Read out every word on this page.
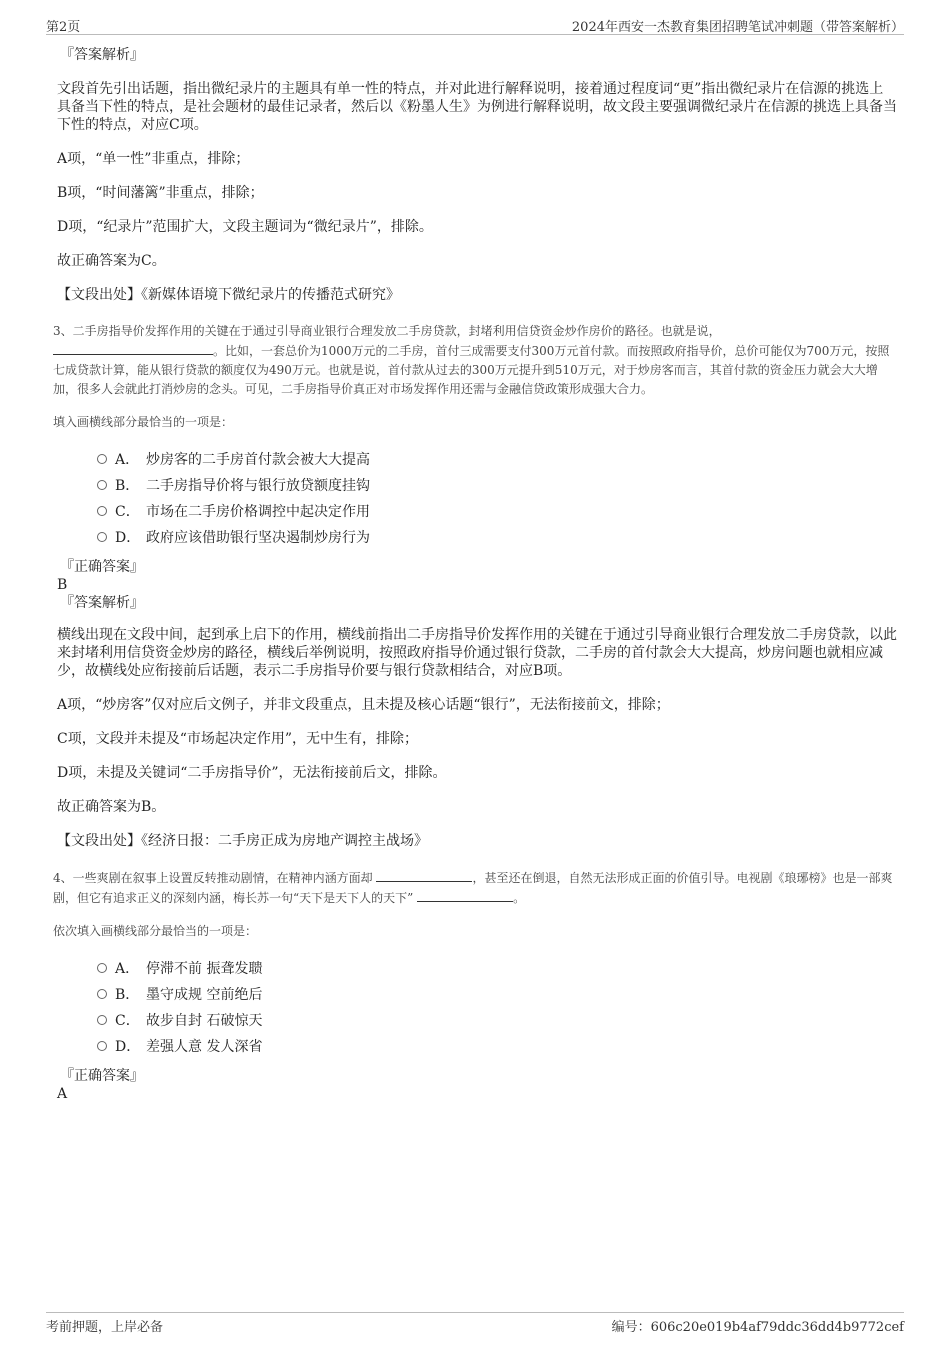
第2页	2024年西安一杰教育集团招聘笔试冲刺题（带答案解析）
『答案解析』

文段首先引出话题，指出微纪录片的主题具有单一性的特点，并对此进行解释说明，接着通过程度词“更”指出微纪录片在信源的挑选上具备当下性的特点，是社会题材的最佳记录者，然后以《粉墨人生》为例进行解释说明，故文段主要强调微纪录片在信源的挑选上具备当下性的特点，对应C项。

A项，“单一性”非重点，排除；

B项，“时间藩篱”非重点，排除；

D项，“纪录片”范围扩大，文段主题词为“微纪录片”，排除。

故正确答案为C。

【文段出处】《新媒体语境下微纪录片的传播范式研究》

3、二手房指导价发挥作用的关键在于通过引导商业银行合理发放二手房贷款，封堵利用信贷资金炒作房价的路径。也就是说，
。比如，一套总价为1000万元的二手房，首付三成需要支付300万元首付款。而按照政府指导价，总价可能仅为700万元，按照七成贷款计算，能从银行贷款的额度仅为490万元。也就是说，首付款从过去的300万元提升到510万元，对于炒房客而言，其首付款的资金压力就会大大增加，很多人会就此打消炒房的念头。可见，二手房指导价真正对市场发挥作用还需与金融信贷政策形成强大合力。
填入画横线部分最恰当的一项是：
A． 炒房客的二手房首付款会被大大提高
B． 二手房指导价将与银行放贷额度挂钩
C． 市场在二手房价格调控中起决定作用
D． 政府应该借助银行坚决遏制炒房行为
『正确答案』
B
『答案解析』

横线出现在文段中间，起到承上启下的作用，横线前指出二手房指导价发挥作用的关键在于通过引导商业银行合理发放二手房贷款，以此来封堵利用信贷资金炒房的路径，横线后举例说明，按照政府指导价通过银行贷款，二手房的首付款会大大提高，炒房问题也就相应减少，故横线处应衔接前后话题，表示二手房指导价要与银行贷款相结合，对应B项。

A项，“炒房客”仅对应后文例子，并非文段重点，且未提及核心话题“银行”，无法衔接前文，排除；

C项，文段并未提及“市场起决定作用”，无中生有，排除；

D项，未提及关键词“二手房指导价”，无法衔接前后文，排除。

故正确答案为B。

【文段出处】《经济日报：二手房正成为房地产调控主战场》

4、一些爽剧在叙事上设置反转推动剧情，在精神内涵方面却	，甚至还在倒退，自然无法形成正面的价值引导。电视剧《琅琊榜》也是一部爽剧，但它有追求正义的深刻内涵，梅长苏一句“天下是天下人的天下”	。
依次填入画横线部分最恰当的一项是：
A． 停滞不前 振聋发聩
B． 墨守成规 空前绝后
C． 故步自封 石破惊天
D． 差强人意 发人深省
『正确答案』
A
考前押题，上岸必备	编号：606c20e019b4af79ddc36dd4b9772cef
